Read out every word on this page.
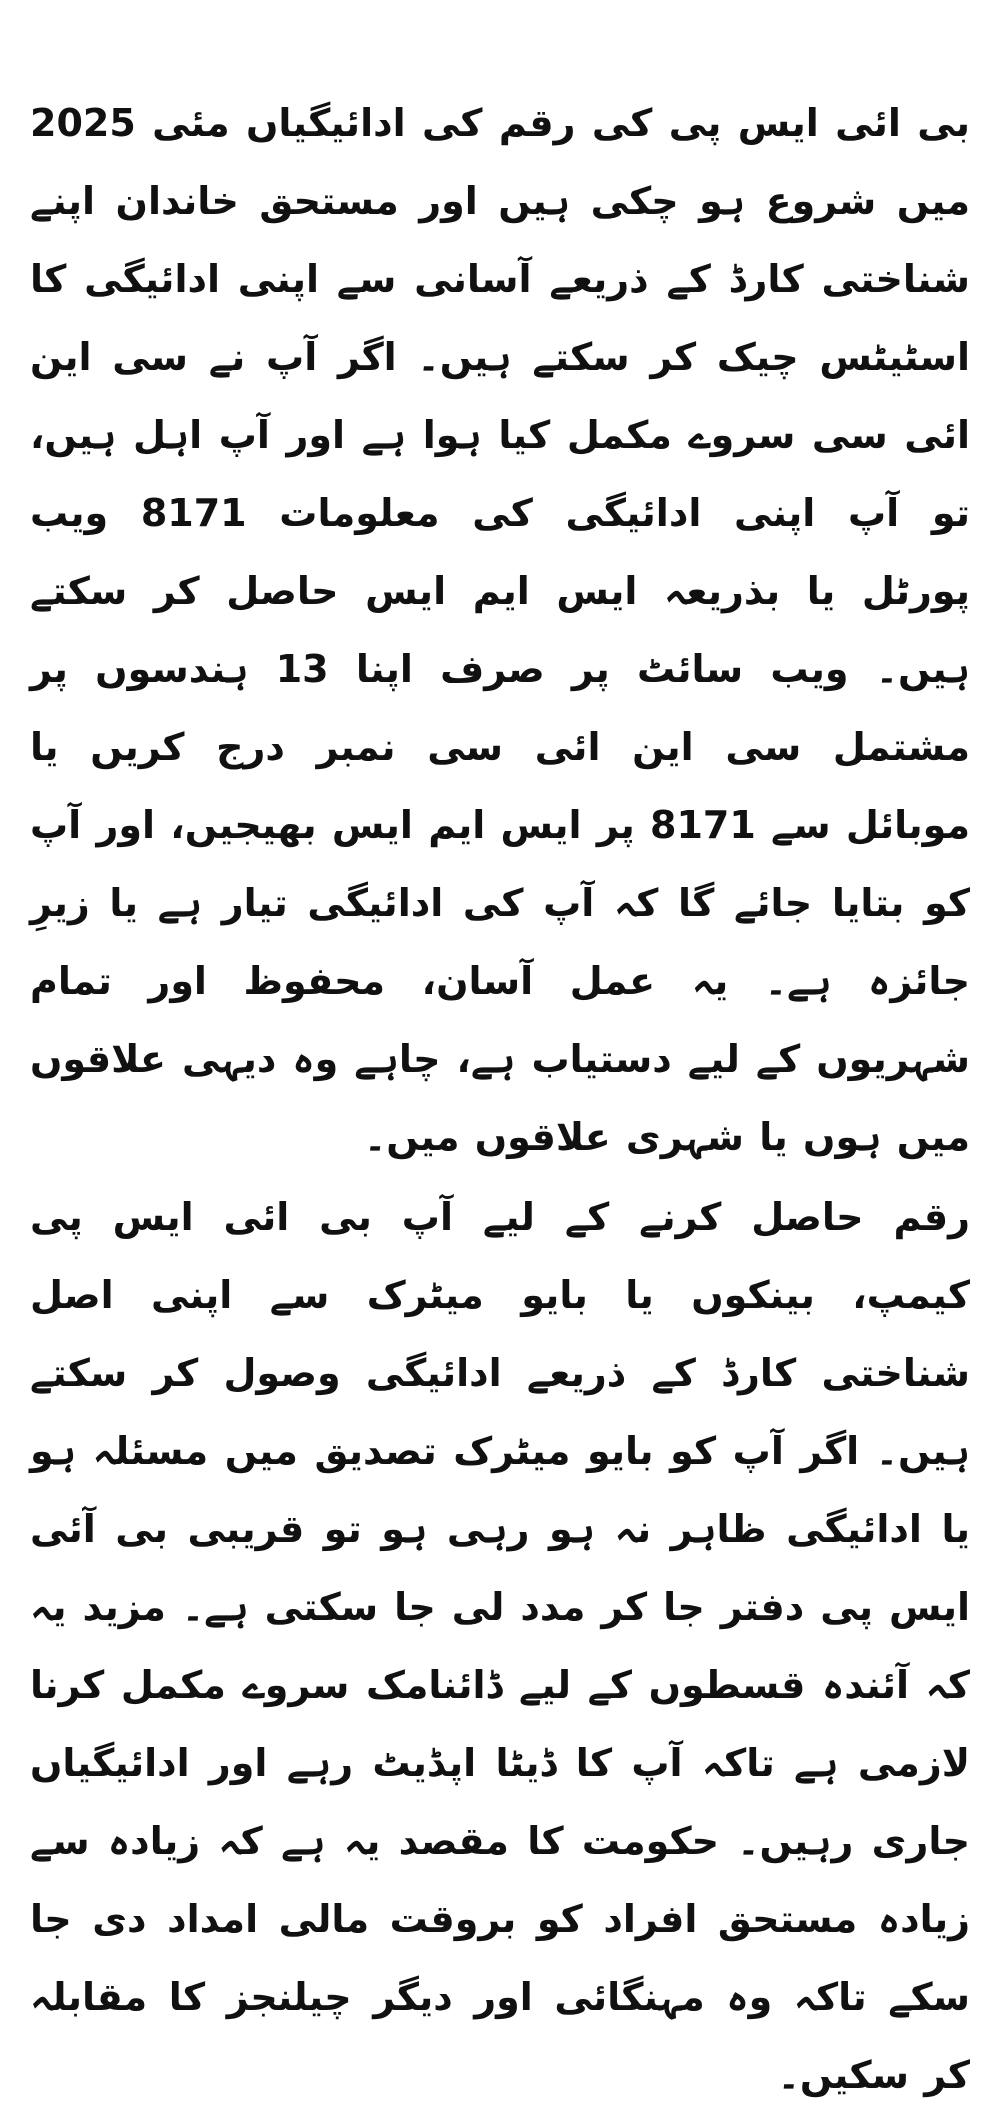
بی ائی ایس پی کی رقم کی ادائیگیاں مئی 2025 میں شروع ہو چکی ہیں اور مستحق خاندان اپنے شناختی کارڈ کے ذریعے آسانی سے اپنی ادائیگی کا اسٹیٹس چیک کر سکتے ہیں۔ اگر آپ نے سی این ائی سی سروے مکمل کیا ہوا ہے اور آپ اہل ہیں، تو آپ اپنی ادائیگی کی معلومات 8171 ویب پورٹل یا بذریعہ ایس ایم ایس حاصل کر سکتے ہیں۔ ویب سائٹ پر صرف اپنا 13 ہندسوں پر مشتمل سی این ائی سی نمبر درج کریں یا موبائل سے 8171 پر ایس ایم ایس بھیجیں، اور آپ کو بتایا جائے گا کہ آپ کی ادائیگی تیار ہے یا زیرِ جائزہ ہے۔ یہ عمل آسان، محفوظ اور تمام شہریوں کے لیے دستیاب ہے، چاہے وہ دیہی علاقوں میں ہوں یا شہری علاقوں میں۔

رقم حاصل کرنے کے لیے آپ بی ائی ایس پی کیمپ، بینکوں یا بایو میٹرک سے اپنی اصل شناختی کارڈ کے ذریعے ادائیگی وصول کر سکتے ہیں۔ اگر آپ کو بایو میٹرک تصدیق میں مسئلہ ہو یا ادائیگی ظاہر نہ ہو رہی ہو تو قریبی بی آئی ایس پی دفتر جا کر مدد لی جا سکتی ہے۔ مزید یہ کہ آئندہ قسطوں کے لیے ڈائنامک سروے مکمل کرنا لازمی ہے تاکہ آپ کا ڈیٹا اپڈیٹ رہے اور ادائیگیاں جاری رہیں۔ حکومت کا مقصد یہ ہے کہ زیادہ سے زیادہ مستحق افراد کو بروقت مالی امداد دی جا سکے تاکہ وہ مہنگائی اور دیگر چیلنجز کا مقابلہ کر سکیں۔
